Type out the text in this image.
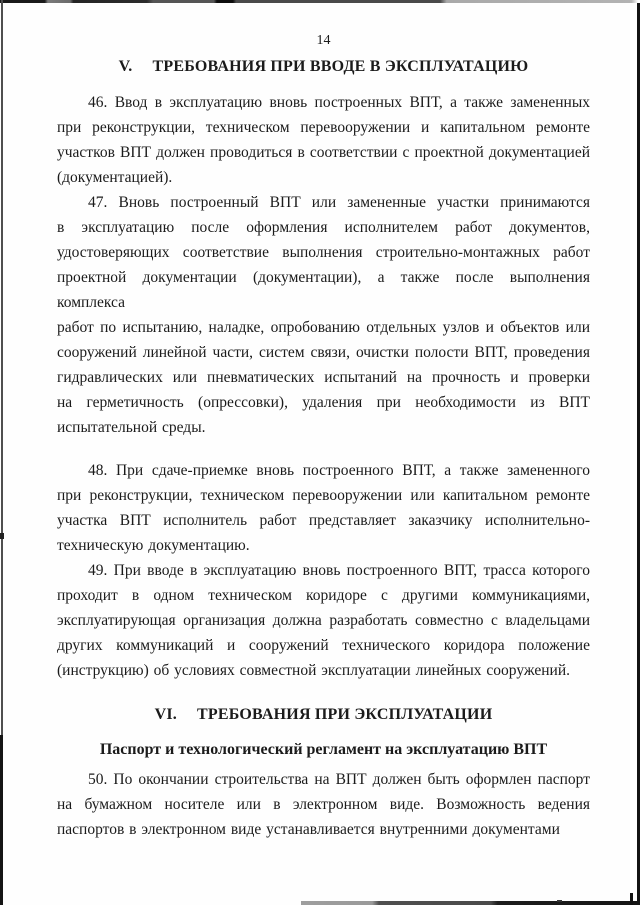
14
V. ТРЕБОВАНИЯ ПРИ ВВОДЕ В ЭКСПЛУАТАЦИЮ
46. Ввод в эксплуатацию вновь построенных ВПТ, а также замененных
при реконструкции, техническом перевооружении и капитальном ремонте
участков ВПТ должен проводиться в соответствии с проектной документацией
(документацией).
47. Вновь построенный ВПТ или замененные участки принимаются
в эксплуатацию после оформления исполнителем работ документов,
удостоверяющих соответствие выполнения строительно-монтажных работ
проектной документации (документации), а также после выполнения комплекса
работ по испытанию, наладке, опробованию отдельных узлов и объектов или
сооружений линейной части, систем связи, очистки полости ВПТ, проведения
гидравлических или пневматических испытаний на прочность и проверки
на герметичность (опрессовки), удаления при необходимости из ВПТ
испытательной среды.
48. При сдаче-приемке вновь построенного ВПТ, а также замененного
при реконструкции, техническом перевооружении или капитальном ремонте
участка ВПТ исполнитель работ представляет заказчику исполнительно-
техническую документацию.
49. При вводе в эксплуатацию вновь построенного ВПТ, трасса которого
проходит в одном техническом коридоре с другими коммуникациями,
эксплуатирующая организация должна разработать совместно с владельцами
других коммуникаций и сооружений технического коридора положение
(инструкцию) об условиях совместной эксплуатации линейных сооружений.
VI. ТРЕБОВАНИЯ ПРИ ЭКСПЛУАТАЦИИ
Паспорт и технологический регламент на эксплуатацию ВПТ
50. По окончании строительства на ВПТ должен быть оформлен паспорт
на бумажном носителе или в электронном виде. Возможность ведения
паспортов в электронном виде устанавливается внутренними документами
